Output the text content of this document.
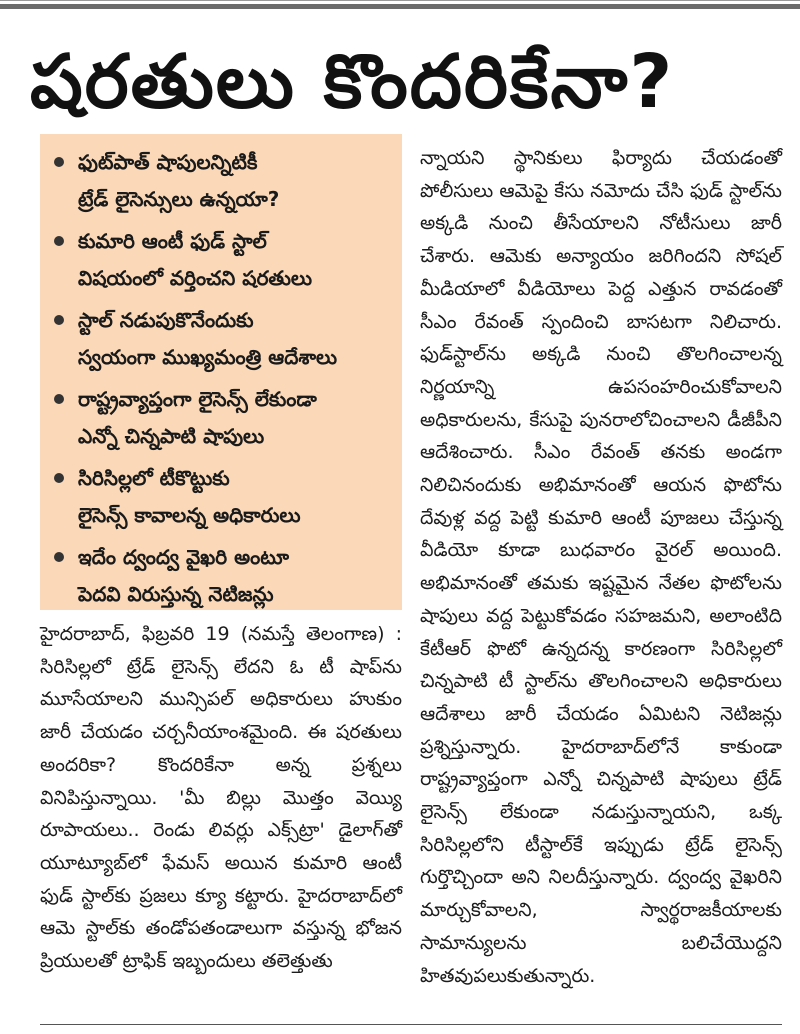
షరతులు కొందరికేనా?
ఫుట్‌పాత్ షాపులన్నిటికీ
ట్రేడ్ లైసెన్సులు ఉన్నయా?
కుమారి ఆంటీ ఫుడ్ స్టాల్
విషయంలో వర్తించని షరతులు
స్టాల్ నడుపుకొనేందుకు
స్వయంగా ముఖ్యమంత్రి ఆదేశాలు
రాష్ట్రవ్యాప్తంగా లైసెన్స్ లేకుండా
ఎన్నో చిన్నపాటి షాపులు
సిరిసిల్లలో టీకొట్టుకు
లైసెన్స్ కావాలన్న అధికారులు
ఇదేం ద్వంద్వ వైఖరి అంటూ
పెదవి విరుస్తున్న నెటిజన్లు

హైదరాబాద్, ఫిబ్రవరి 19 (నమస్తే తెలంగాణ) : సిరిసిల్లలో ట్రేడ్ లైసెన్స్ లేదని ఓ టీ షాప్‌ను మూసేయాలని మున్సిపల్ అధికారులు హుకుం జారీ చేయడం చర్చనీయాంశమైంది. ఈ షరతులు అందరికా? కొందరికేనా అన్న ప్రశ్నలు వినిపిస్తున్నాయి. 'మీ బిల్లు మొత్తం వెయ్యి రూపాయలు.. రెండు లివర్లు ఎక్స్‌ట్రా' డైలాగ్‌తో యూట్యూబ్‌లో ఫేమస్ అయిన కుమారి ఆంటీ ఫుడ్ స్టాల్‌కు ప్రజలు క్యూ కట్టారు. హైదరాబాద్‌లో ఆమె స్టాల్‌కు తండోపతండాలుగా వస్తున్న భోజన ప్రియులతో ట్రాఫిక్ ఇబ్బందులు తలెత్తుతు

న్నాయని స్థానికులు ఫిర్యాదు చేయడంతో పోలీసులు ఆమెపై కేసు నమోదు చేసి ఫుడ్ స్టాల్‌ను అక్కడి నుంచి తీసేయాలని నోటీసులు జారీ చేశారు. ఆమెకు అన్యాయం జరిగిందని సోషల్ మీడియాలో వీడియోలు పెద్ద ఎత్తున రావడంతో సీఎం రేవంత్ స్పందించి బాసటగా నిలిచారు. ఫుడ్‌స్టాల్‌ను అక్కడి నుంచి తొలగించాలన్న నిర్ణయాన్ని ఉపసంహరించుకోవాలని అధికారులను, కేసుపై పునరాలోచించాలని డీజీపీని ఆదేశించారు. సీఎం రేవంత్ తనకు అండగా నిలిచినందుకు అభిమానంతో ఆయన ఫొటోను దేవుళ్ల వద్ద పెట్టి కుమారి ఆంటీ పూజలు చేస్తున్న వీడియో కూడా బుధవారం వైరల్ అయింది. అభిమానంతో తమకు ఇష్టమైన నేతల ఫొటోలను షాపులు వద్ద పెట్టుకోవడం సహజమని, అలాంటిది కేటీఆర్ ఫొటో ఉన్నదన్న కారణంగా సిరిసిల్లలో చిన్నపాటి టీ స్టాల్‌ను తొలగించాలని అధికారులు ఆదేశాలు జారీ చేయడం ఏమిటని నెటిజన్లు ప్రశ్నిస్తున్నారు. హైదరాబాద్‌లోనే కాకుండా రాష్ట్రవ్యాప్తంగా ఎన్నో చిన్నపాటి షాపులు ట్రేడ్ లైసెన్స్ లేకుండా నడుస్తున్నాయని, ఒక్క సిరిసిల్లలోని టీస్టాల్‌కే ఇప్పుడు ట్రేడ్ లైసెన్స్ గుర్తొచ్చిందా అని నిలదీస్తున్నారు. ద్వంద్వ వైఖరిని మార్చుకోవాలని, స్వార్థరాజకీయాలకు సామాన్యులను బలిచేయొద్దని హితవుపలుకుతున్నారు.
